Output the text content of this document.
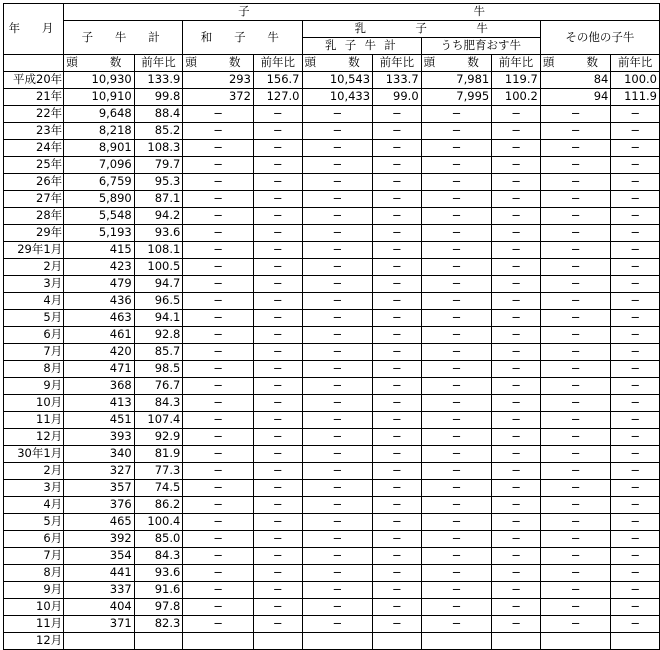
年　月	子 牛									

	子　牛　計		和　子　牛		乳 子 牛				その他の子牛	
					乳 子 牛 計		うち肥育おす牛			
	頭　数	前年比	頭　数	前年比	頭　数	前年比	頭　数	前年比	頭　数	前年比
平成20年	10,930	133.9	293	156.7	10,543	133.7	7,981	119.7	84	100.0
21年	10,910	99.8	372	127.0	10,433	99.0	7,995	100.2	94	111.9
22年	9,648	88.4	−	−	−	−	−	−	−	−
23年	8,218	85.2	−	−	−	−	−	−	−	−
24年	8,901	108.3	−	−	−	−	−	−	−	−
25年	7,096	79.7	−	−	−	−	−	−	−	−
26年	6,759	95.3	−	−	−	−	−	−	−	−
27年	5,890	87.1	−	−	−	−	−	−	−	−
28年	5,548	94.2	−	−	−	−	−	−	−	−
29年	5,193	93.6	−	−	−	−	−	−	−	−
29年1月	415	108.1	−	−	−	−	−	−	−	−
2月	423	100.5	−	−	−	−	−	−	−	−
3月	479	94.7	−	−	−	−	−	−	−	−
4月	436	96.5	−	−	−	−	−	−	−	−
5月	463	94.1	−	−	−	−	−	−	−	−
6月	461	92.8	−	−	−	−	−	−	−	−
7月	420	85.7	−	−	−	−	−	−	−	−
8月	471	98.5	−	−	−	−	−	−	−	−
9月	368	76.7	−	−	−	−	−	−	−	−
10月	413	84.3	−	−	−	−	−	−	−	−
11月	451	107.4	−	−	−	−	−	−	−	−
12月	393	92.9	−	−	−	−	−	−	−	−
30年1月	340	81.9	−	−	−	−	−	−	−	−
2月	327	77.3	−	−	−	−	−	−	−	−
3月	357	74.5	−	−	−	−	−	−	−	−
4月	376	86.2	−	−	−	−	−	−	−	−
5月	465	100.4	−	−	−	−	−	−	−	−
6月	392	85.0	−	−	−	−	−	−	−	−
7月	354	84.3	−	−	−	−	−	−	−	−
8月	441	93.6	−	−	−	−	−	−	−	−
9月	337	91.6	−	−	−	−	−	−	−	−
10月	404	97.8	−	−	−	−	−	−	−	−
11月	371	82.3	−	−	−	−	−	−	−	−
12月										
